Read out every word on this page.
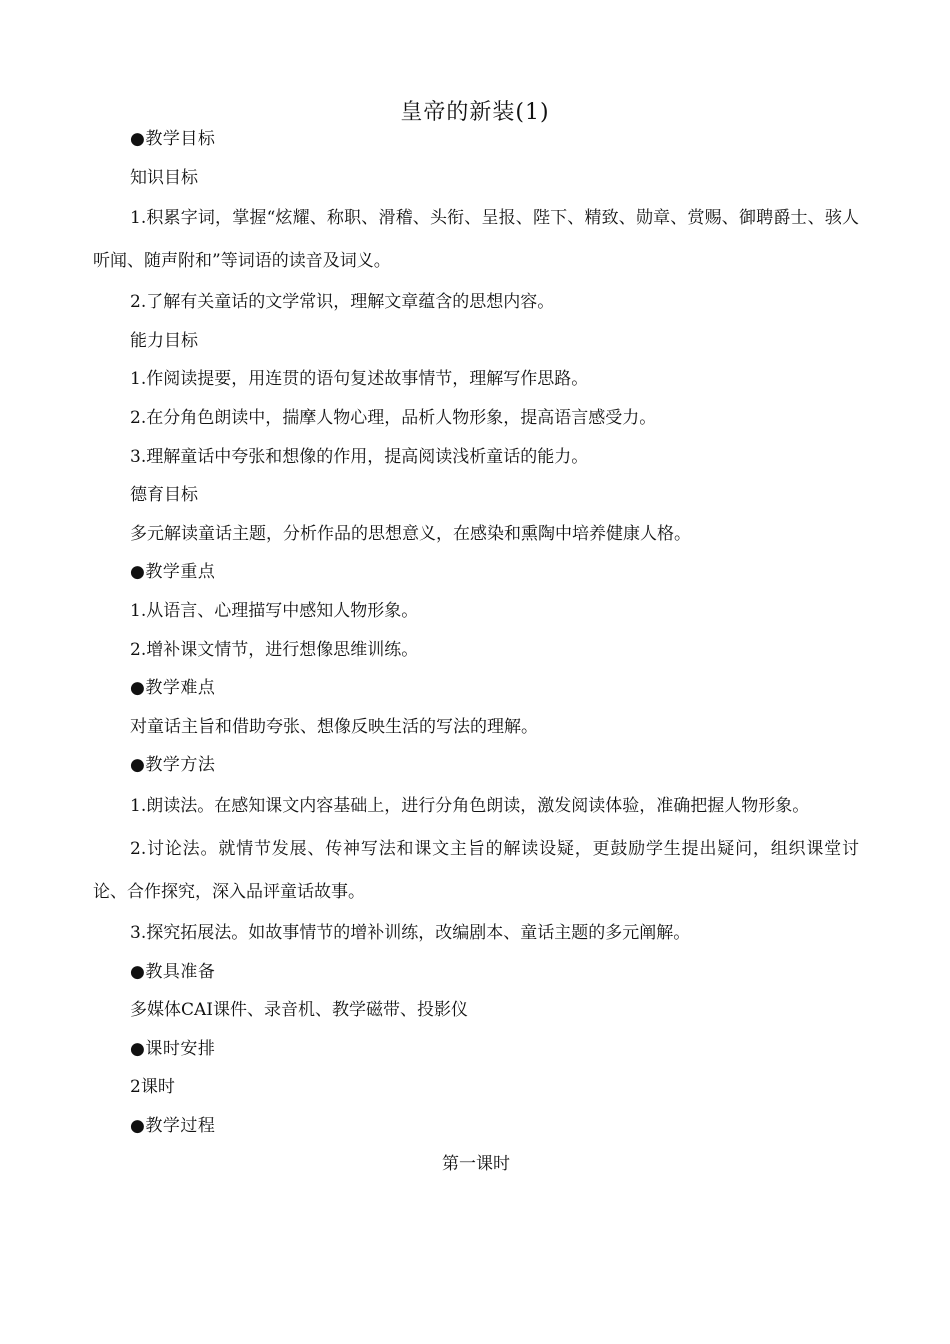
皇帝的新装(1)

●教学目标

知识目标

1.积累字词，掌握“炫耀、称职、滑稽、头衔、呈报、陛下、精致、勋章、赏赐、御聘爵士、骇人听闻、随声附和”等词语的读音及词义。

2.了解有关童话的文学常识，理解文章蕴含的思想内容。

能力目标

1.作阅读提要，用连贯的语句复述故事情节，理解写作思路。

2.在分角色朗读中，揣摩人物心理，品析人物形象，提高语言感受力。

3.理解童话中夸张和想像的作用，提高阅读浅析童话的能力。

德育目标

多元解读童话主题，分析作品的思想意义，在感染和熏陶中培养健康人格。

●教学重点

1.从语言、心理描写中感知人物形象。

2.增补课文情节，进行想像思维训练。

●教学难点

对童话主旨和借助夸张、想像反映生活的写法的理解。

●教学方法

1.朗读法。在感知课文内容基础上，进行分角色朗读，激发阅读体验，准确把握人物形象。

2.讨论法。就情节发展、传神写法和课文主旨的解读设疑，更鼓励学生提出疑问，组织课堂讨论、合作探究，深入品评童话故事。

3.探究拓展法。如故事情节的增补训练，改编剧本、童话主题的多元阐解。

●教具准备

多媒体CAI课件、录音机、教学磁带、投影仪

●课时安排

2课时

●教学过程

第一课时
